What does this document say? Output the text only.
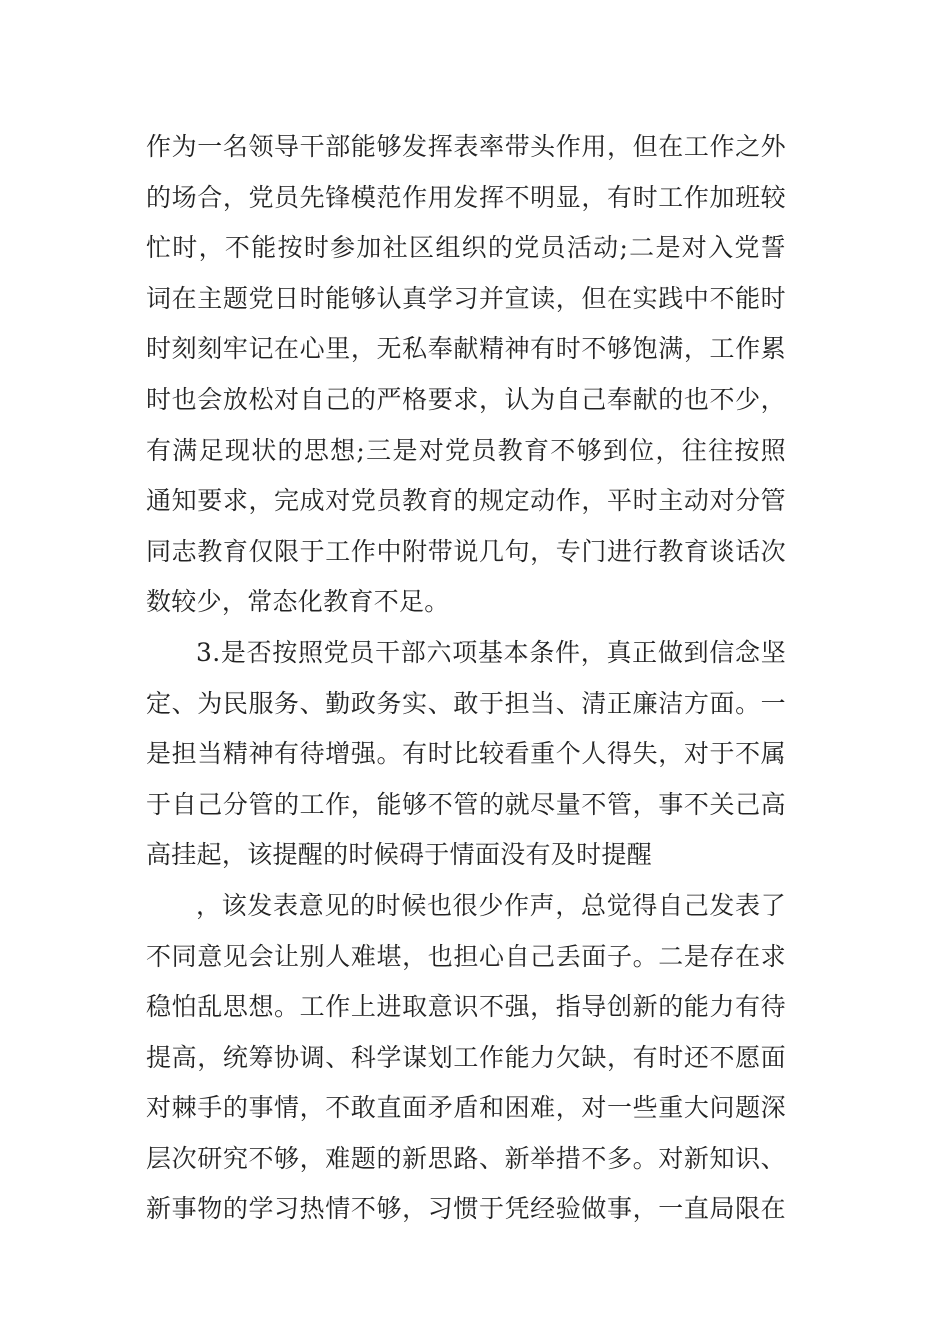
作为一名领导干部能够发挥表率带头作用，但在工作之外
的场合，党员先锋模范作用发挥不明显，有时工作加班较
忙时，不能按时参加社区组织的党员活动;二是对入党誓
词在主题党日时能够认真学习并宣读，但在实践中不能时
时刻刻牢记在心里，无私奉献精神有时不够饱满，工作累
时也会放松对自己的严格要求，认为自己奉献的也不少，
有满足现状的思想;三是对党员教育不够到位，往往按照
通知要求，完成对党员教育的规定动作，平时主动对分管
同志教育仅限于工作中附带说几句，专门进行教育谈话次
数较少，常态化教育不足。
3.是否按照党员干部六项基本条件，真正做到信念坚
定、为民服务、勤政务实、敢于担当、清正廉洁方面。一
是担当精神有待增强。有时比较看重个人得失，对于不属
于自己分管的工作，能够不管的就尽量不管，事不关己高
高挂起，该提醒的时候碍于情面没有及时提醒
，该发表意见的时候也很少作声，总觉得自己发表了
不同意见会让别人难堪，也担心自己丢面子。二是存在求
稳怕乱思想。工作上进取意识不强，指导创新的能力有待
提高，统筹协调、科学谋划工作能力欠缺，有时还不愿面
对棘手的事情，不敢直面矛盾和困难，对一些重大问题深
层次研究不够，难题的新思路、新举措不多。对新知识、
新事物的学习热情不够，习惯于凭经验做事，一直局限在
